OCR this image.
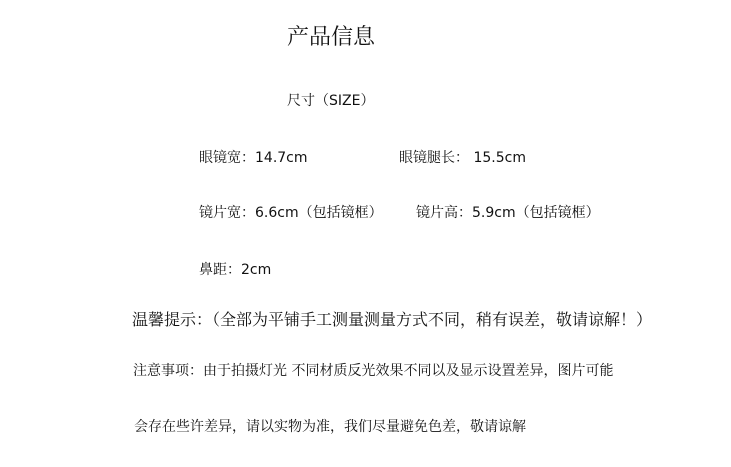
产品信息
尺寸（SIZE）
眼镜宽：14.7cm	眼镜腿长： 15.5cm
镜片宽：6.6cm（包括镜框） 镜片高：5.9cm（包括镜框）
鼻距：2cm
温馨提示：（全部为平铺手工测量测量方式不同，稍有误差，敬请谅解！）
注意事项：由于拍摄灯光 不同材质反光效果不同以及显示设置差异，图片可能
会存在些许差异，请以实物为准，我们尽量避免色差，敬请谅解
